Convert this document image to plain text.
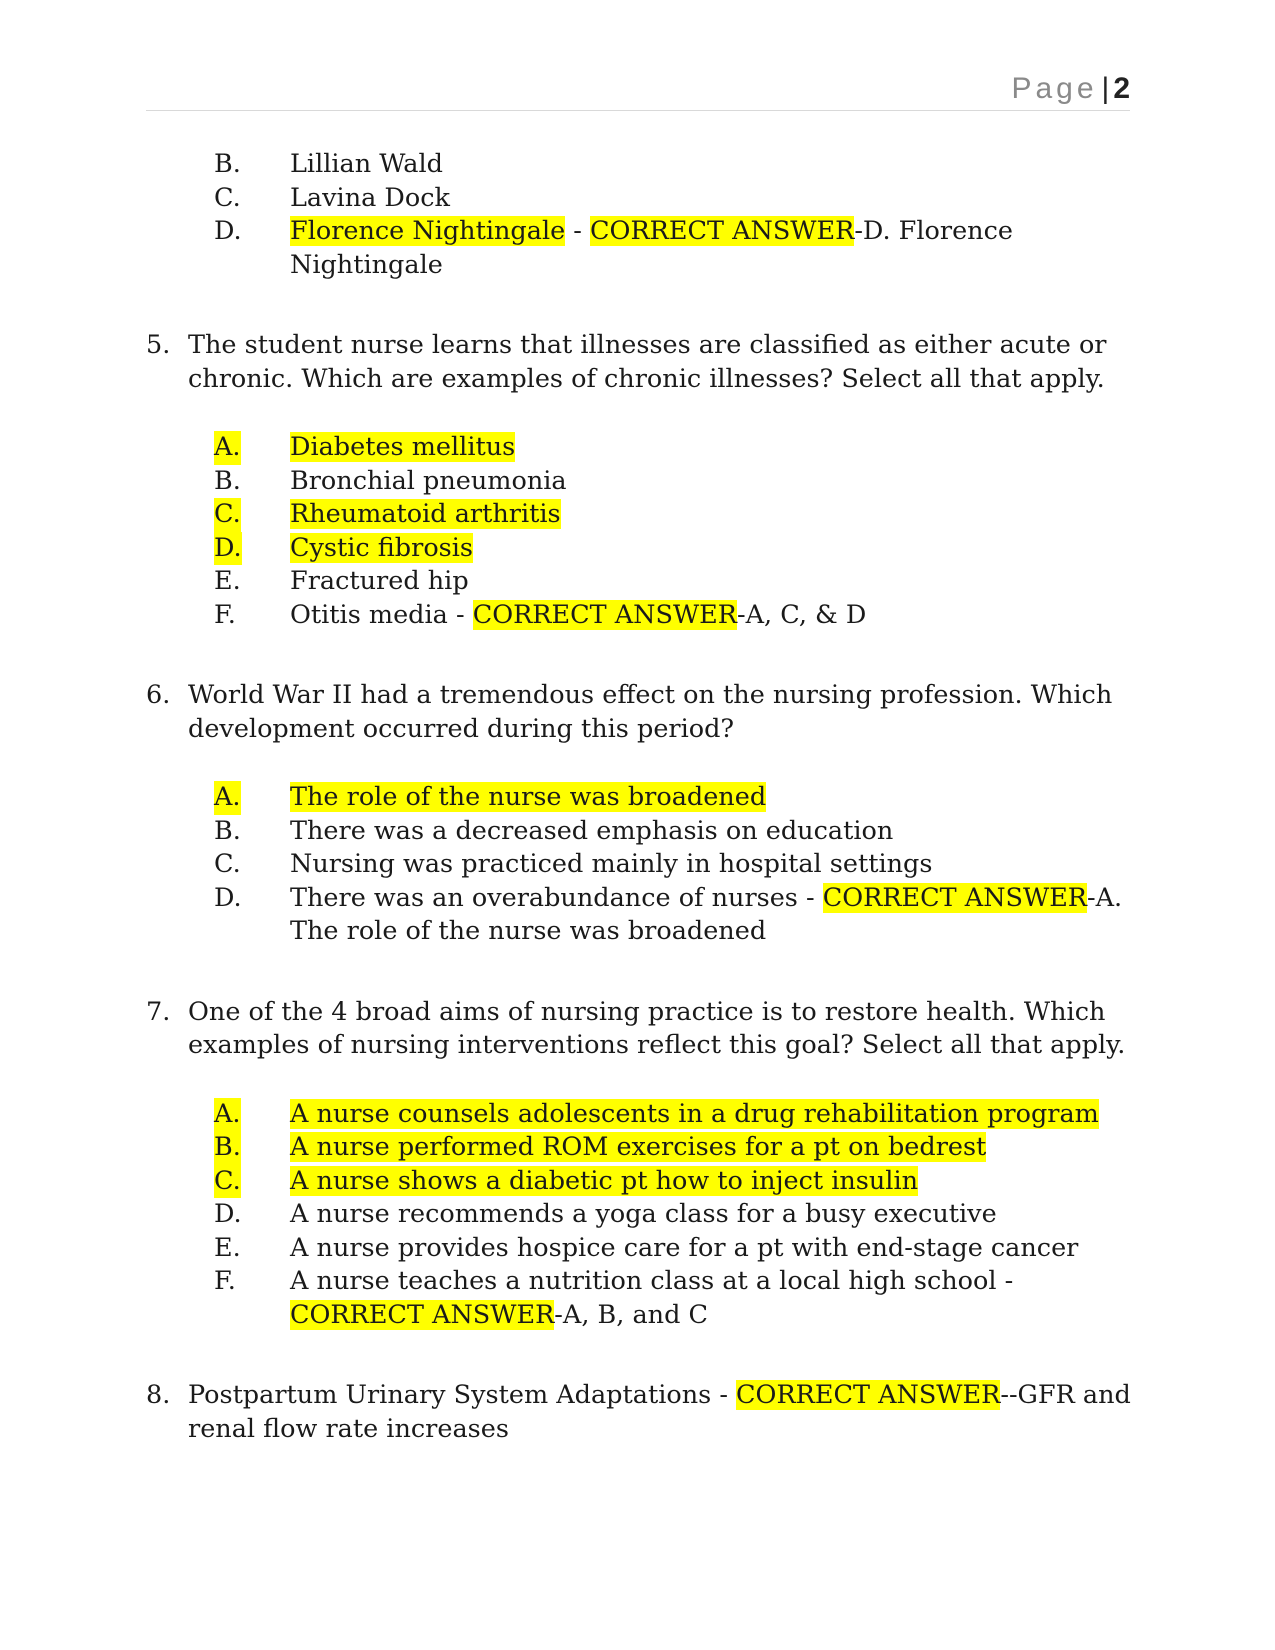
Page | 2
B. Lillian Wald
C. Lavina Dock
D. Florence Nightingale - CORRECT ANSWER-D. Florence Nightingale
5. The student nurse learns that illnesses are classified as either acute or chronic. Which are examples of chronic illnesses? Select all that apply.
A. Diabetes mellitus
B. Bronchial pneumonia
C. Rheumatoid arthritis
D. Cystic fibrosis
E. Fractured hip
F. Otitis media - CORRECT ANSWER-A, C, & D
6. World War II had a tremendous effect on the nursing profession. Which development occurred during this period?
A. The role of the nurse was broadened
B. There was a decreased emphasis on education
C. Nursing was practiced mainly in hospital settings
D. There was an overabundance of nurses - CORRECT ANSWER-A. The role of the nurse was broadened
7. One of the 4 broad aims of nursing practice is to restore health. Which examples of nursing interventions reflect this goal? Select all that apply.
A. A nurse counsels adolescents in a drug rehabilitation program
B. A nurse performed ROM exercises for a pt on bedrest
C. A nurse shows a diabetic pt how to inject insulin
D. A nurse recommends a yoga class for a busy executive
E. A nurse provides hospice care for a pt with end-stage cancer
F. A nurse teaches a nutrition class at a local high school - CORRECT ANSWER-A, B, and C
8. Postpartum Urinary System Adaptations - CORRECT ANSWER--GFR and renal flow rate increases
